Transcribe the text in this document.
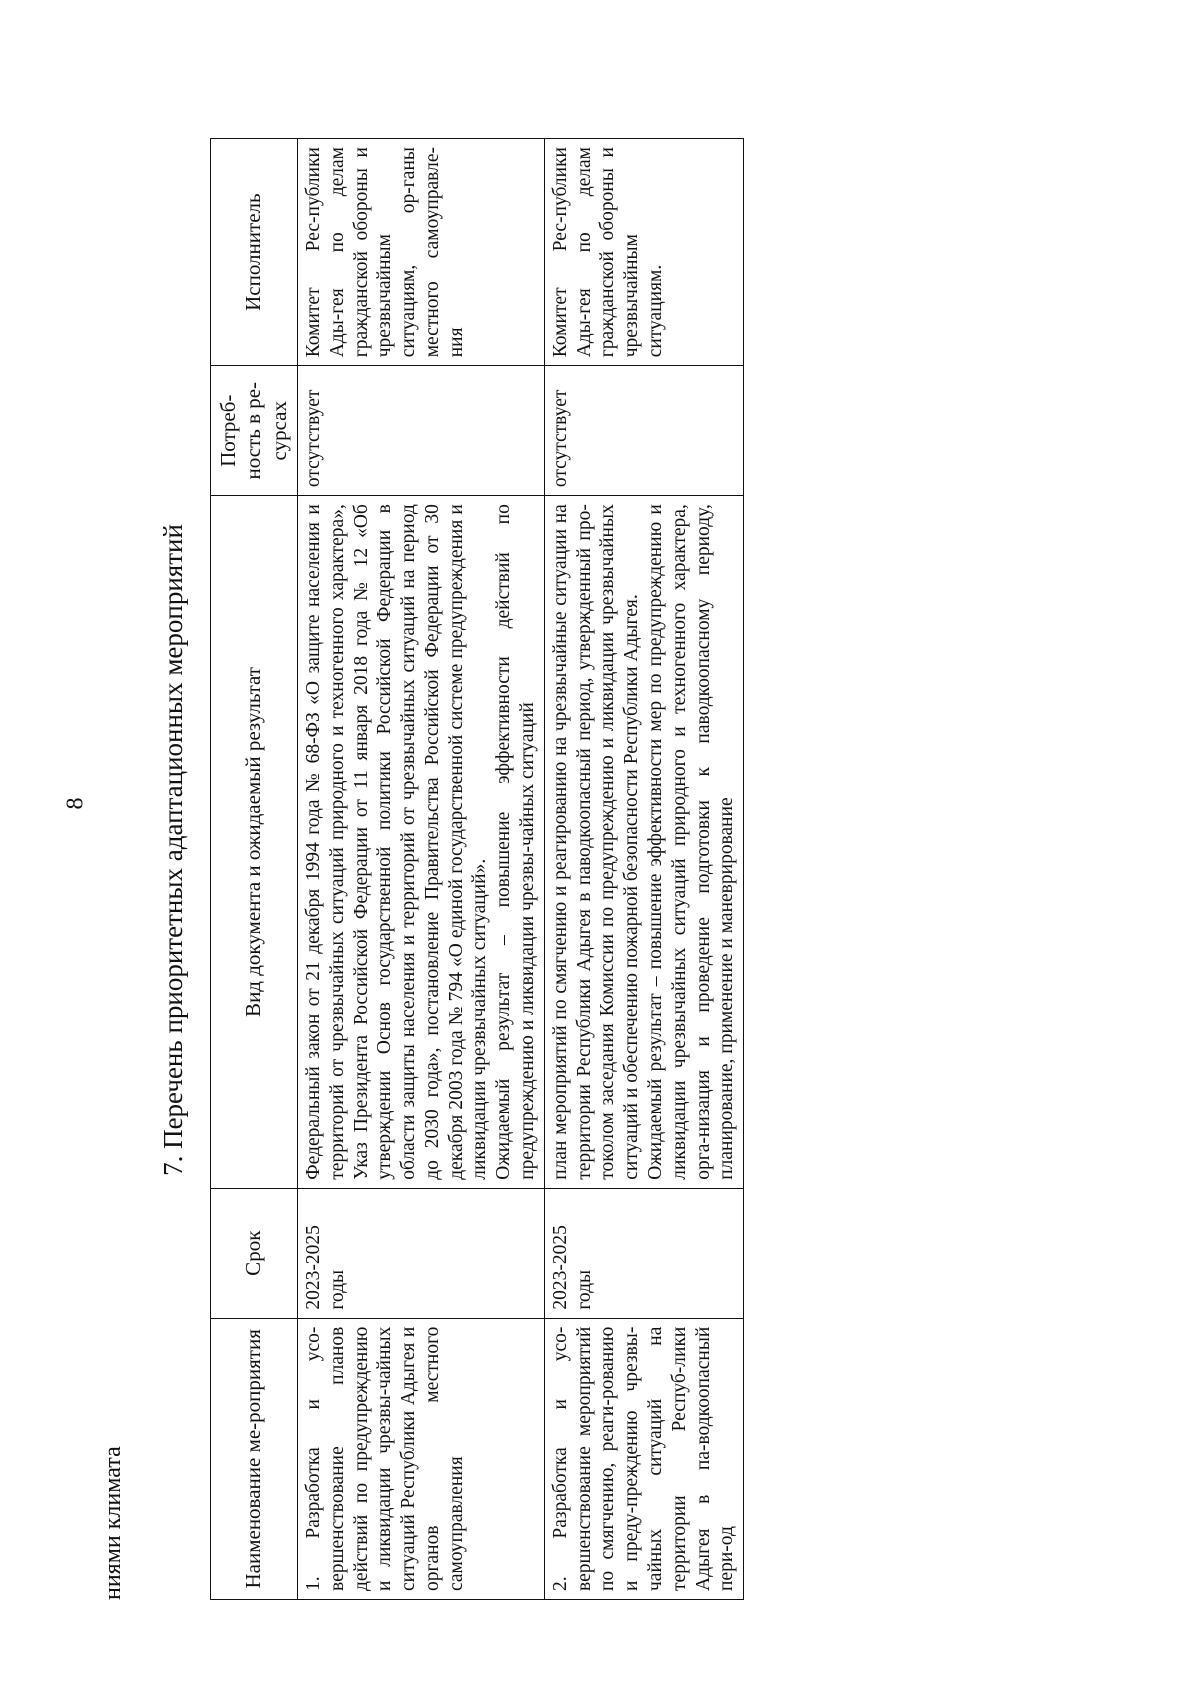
8
ниями климата
7. Перечень приоритетных адаптационных мероприятий
Наименование ме-роприятия	Срок	Вид документа и ожидаемый результат	Потреб-ность в ре-сурсах	Исполнитель
1. Разработка и усо-вершенствование планов действий по предупреждению и ликвидации чрезвы-чайных ситуаций Республики Адыгея и органов местного самоуправления	2023-2025 годы	Федеральный закон от 21 декабря 1994 года № 68-ФЗ «О защите населения и территорий от чрезвычайных ситуаций природного и техногенного характера», Указ Президента Российской Федерации от 11 января 2018 года № 12 «Об утверждении Основ государственной политики Российской Федерации в области защиты населения и территорий от чрезвычайных ситуаций на период до 2030 года», постановление Правительства Российской Федерации от 30 декабря 2003 года № 794 «О единой государственной системе предупреждения и ликвидации чрезвычайных ситуаций». Ожидаемый результат – повышение эффективности действий по предупреждению и ликвидации чрезвы-чайных ситуаций	отсутствует	Комитет Рес-публики Ады-гея по делам гражданской обороны и чрезвычайным ситуациям, ор-ганы местного самоуправле-ния
2. Разработка и усо-вершенствование мероприятий по смягчению, реаги-рованию и преду-преждению чрезвы-чайных ситуаций на территории Респуб-лики Адыгея в па-водкоопасный пери-од	2023-2025 годы	план мероприятий по смягчению и реагированию на чрезвычайные ситуации на территории Республики Адыгея в паводкоопасный период, утвержденный про-токолом заседания Комиссии по предупреждению и ликвидации чрезвычайных ситуаций и обеспечению пожарной безопасности Республики Адыгея. Ожидаемый результат – повышение эффективности мер по предупреждению и ликвидации чрезвычайных ситуаций природного и техногенного характера, орга-низация и проведение подготовки к паводкоопасному периоду, планирование, применение и маневрирование	отсутствует	Комитет Рес-публики Ады-гея по делам гражданской обороны и чрезвычайным ситуациям.
